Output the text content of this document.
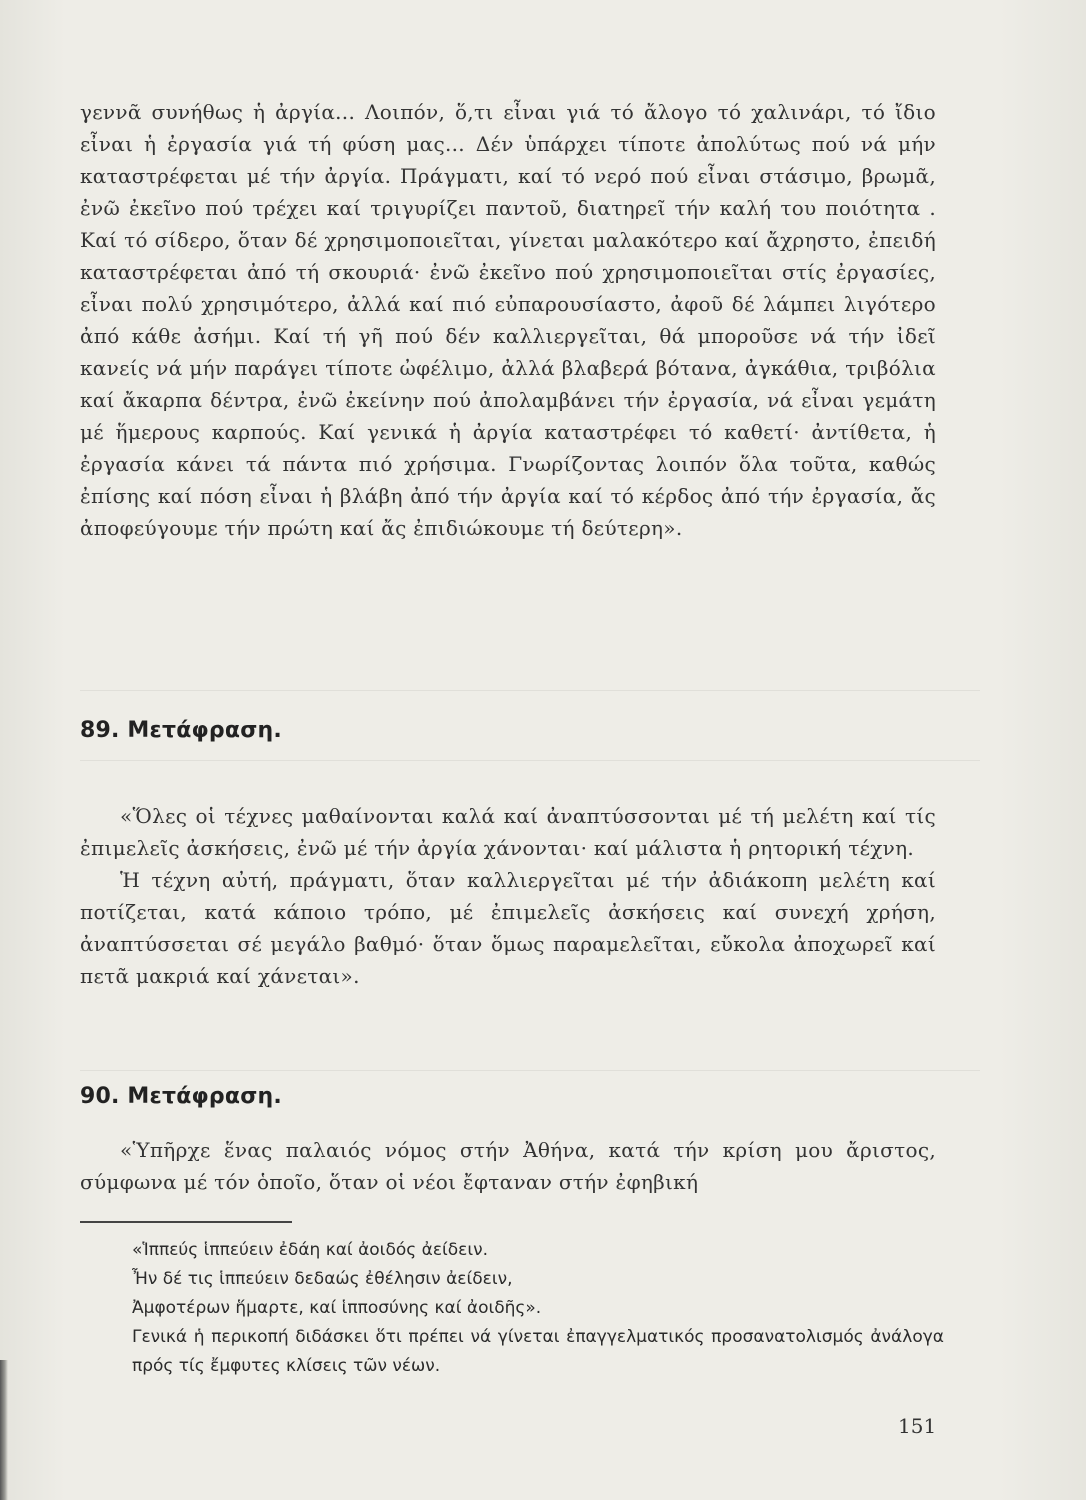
γεννᾶ συνήθως ἡ ἀργία... Λοιπόν, ὅ,τι εἶναι γιά τό ἄλογο τό χαλινάρι, τό ἴδιο εἶναι ἡ ἐργασία γιά τή φύση μας... Δέν ὑπάρχει τίποτε ἀπολύτως πού νά μήν καταστρέφεται μέ τήν ἀργία. Πράγματι, καί τό νερό πού εἶναι στάσιμο, βρωμᾶ, ἐνῶ ἐκεῖνο πού τρέχει καί τριγυρίζει παντοῦ, διατηρεῖ τήν καλή του ποιότητα . Καί τό σίδερο, ὅταν δέ χρησιμοποιεῖται, γίνεται μαλακότερο καί ἄχρηστο, ἐπειδή καταστρέφεται ἀπό τή σκουριά· ἐνῶ ἐκεῖνο πού χρησιμοποιεῖται στίς ἐργασίες, εἶναι πολύ χρησιμότερο, ἀλλά καί πιό εὐπαρουσίαστο, ἀφοῦ δέ λάμπει λιγότερο ἀπό κάθε ἀσήμι. Καί τή γῆ πού δέν καλλιεργεῖται, θά μποροῦσε νά τήν ἰδεῖ κανείς νά μήν παράγει τίποτε ὠφέλιμο, ἀλλά βλαβερά βότανα, ἀγκάθια, τριβόλια καί ἄκαρπα δέντρα, ἐνῶ ἐκείνην πού ἀπολαμβάνει τήν ἐργασία, νά εἶναι γεμάτη μέ ἥμερους καρπούς. Καί γενικά ἡ ἀργία καταστρέφει τό καθετί· ἀντίθετα, ἡ ἐργασία κάνει τά πάντα πιό χρήσιμα. Γνωρίζοντας λοιπόν ὅλα τοῦτα, καθώς ἐπίσης καί πόση εἶναι ἡ βλάβη ἀπό τήν ἀργία καί τό κέρδος ἀπό τήν ἐργασία, ἄς ἀποφεύγουμε τήν πρώτη καί ἄς ἐπιδιώκουμε τή δεύτερη».

89. Μετάφραση.

«Ὅλες οἱ τέχνες μαθαίνονται καλά καί ἀναπτύσσονται μέ τή μελέτη καί τίς ἐπιμελεῖς ἀσκήσεις, ἐνῶ μέ τήν ἀργία χάνονται· καί μάλιστα ἡ ρητορική τέχνη.

Ἡ τέχνη αὐτή, πράγματι, ὅταν καλλιεργεῖται μέ τήν ἀδιάκοπη μελέτη καί ποτίζεται, κατά κάποιο τρόπο, μέ ἐπιμελεῖς ἀσκήσεις καί συνεχή χρήση, ἀναπτύσσεται σέ μεγάλο βαθμό· ὅταν ὅμως παραμελεῖται, εὔκολα ἀποχωρεῖ καί πετᾶ μακριά καί χάνεται».

90. Μετάφραση.

«Ὑπῆρχε ἕνας παλαιός νόμος στήν Ἀθήνα, κατά τήν κρίση μου ἄριστος, σύμφωνα μέ τόν ὁποῖο, ὅταν οἱ νέοι ἔφταναν στήν ἐφηβική

«Ἱππεύς ἱππεύειν ἐδάη καί ἀοιδός ἀείδειν.

Ἦν δέ τις ἱππεύειν δεδαώς ἐθέλησιν ἀείδειν,

Ἀμφοτέρων ἥμαρτε, καί ἱπποσύνης καί ἀοιδῆς».

Γενικά ἡ περικοπή διδάσκει ὅτι πρέπει νά γίνεται ἐπαγγελματικός προσανατολισμός ἀνάλογα πρός τίς ἔμφυτες κλίσεις τῶν νέων.

151
